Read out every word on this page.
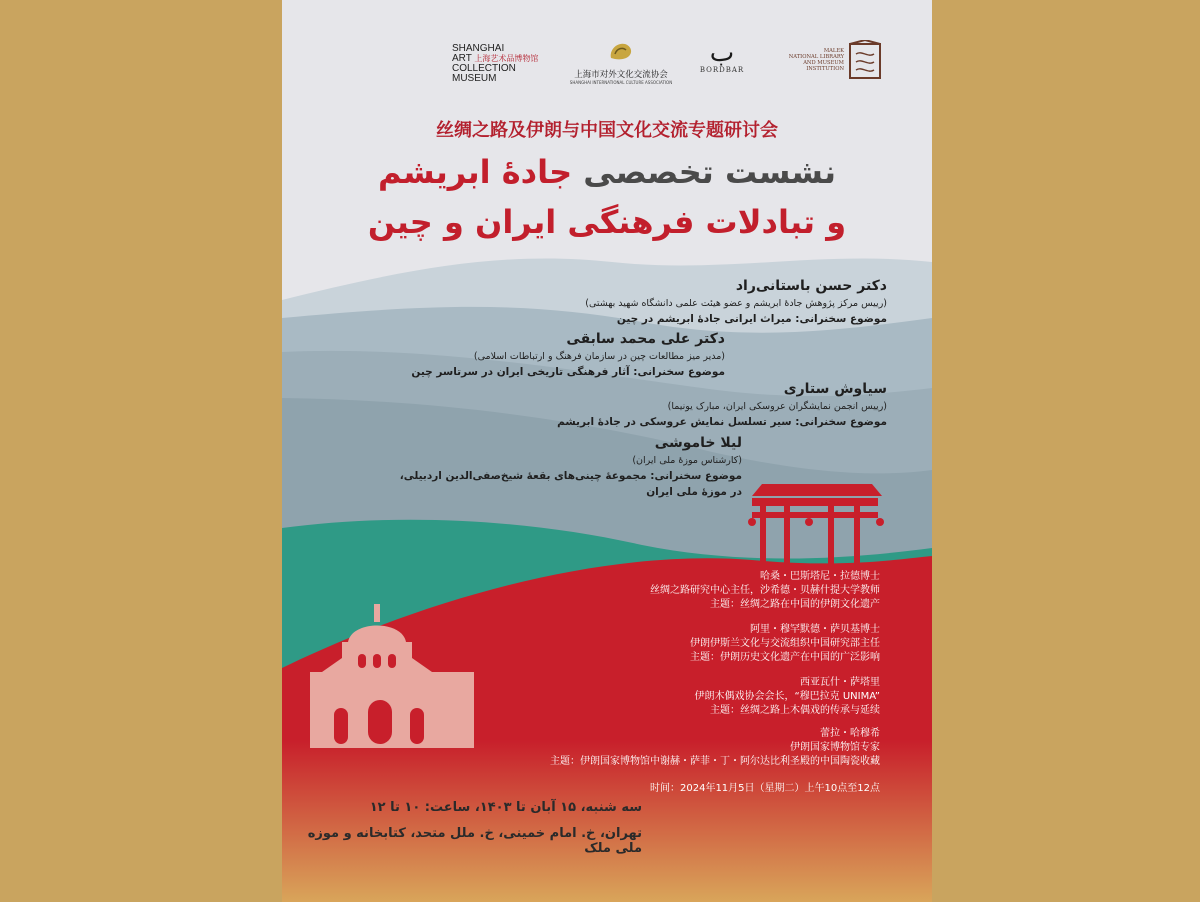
SHANGHAI
ART 上海艺术品博物馆
COLLECTION
MUSEUM	上海市对外文化交流协会
SHANGHAI INTERNATIONAL CULTURE ASSOCIATION
ب
BORDBAR
MALEK
NATIONAL LIBRARY
AND MUSEUM
INSTITUTION
丝绸之路及伊朗与中国文化交流专题研讨会
نشست تخصصی جادهٔ ابریشم
و تبادلات فرهنگی ایران و چین
دکتر حسن باستانی‌راد
(رییس مرکز پژوهش جادهٔ ابریشم و عضو هیئت علمی دانشگاه شهید بهشتی)
موضوع سخنرانی: میراث ایرانی جادهٔ ابریشم در چین
دکتر علی محمد سابقی
(مدیر میز مطالعات چین در سازمان فرهنگ و ارتباطات اسلامی)
موضوع سخنرانی: آثار فرهنگی تاریخی ایران در سرتاسر چین
سیاوش ستاری
(رییس انجمن نمایشگران عروسکی ایران، مبارک یونیما)
موضوع سخنرانی: سیر تسلسل نمایش عروسکی در جادهٔ ابریشم
لیلا خاموشی
(کارشناس موزهٔ ملی ایران)
موضوع سخنرانی: مجموعهٔ چینی‌های بقعهٔ شیخ‌صفی‌الدین اردبیلی،
در موزهٔ ملی ایران
哈桑・巴斯塔尼・拉德博士
丝绸之路研究中心主任，沙希德・贝赫什提大学教师
主题：丝绸之路在中国的伊朗文化遗产
阿里・穆罕默德・萨贝基博士
伊朗伊斯兰文化与交流组织中国研究部主任
主题：伊朗历史文化遗产在中国的广泛影响
西亚瓦什・萨塔里
伊朗木偶戏协会会长，“穆巴拉克 UNIMA”
主题：丝绸之路上木偶戏的传承与延续
蕾拉・哈穆希
伊朗国家博物馆专家
主题：伊朗国家博物馆中谢赫・萨菲・丁・阿尔达比利圣殿的中国陶瓷收藏
时间：2024年11月5日（星期二）上午10点至12点
سه شنبه، ۱۵ آبان تا ۱۴۰۳، ساعت: ۱۰ تا ۱۲
تهران، خ. امام خمینی، خ. ملل متحد، کتابخانه و موزه ملی ملک
